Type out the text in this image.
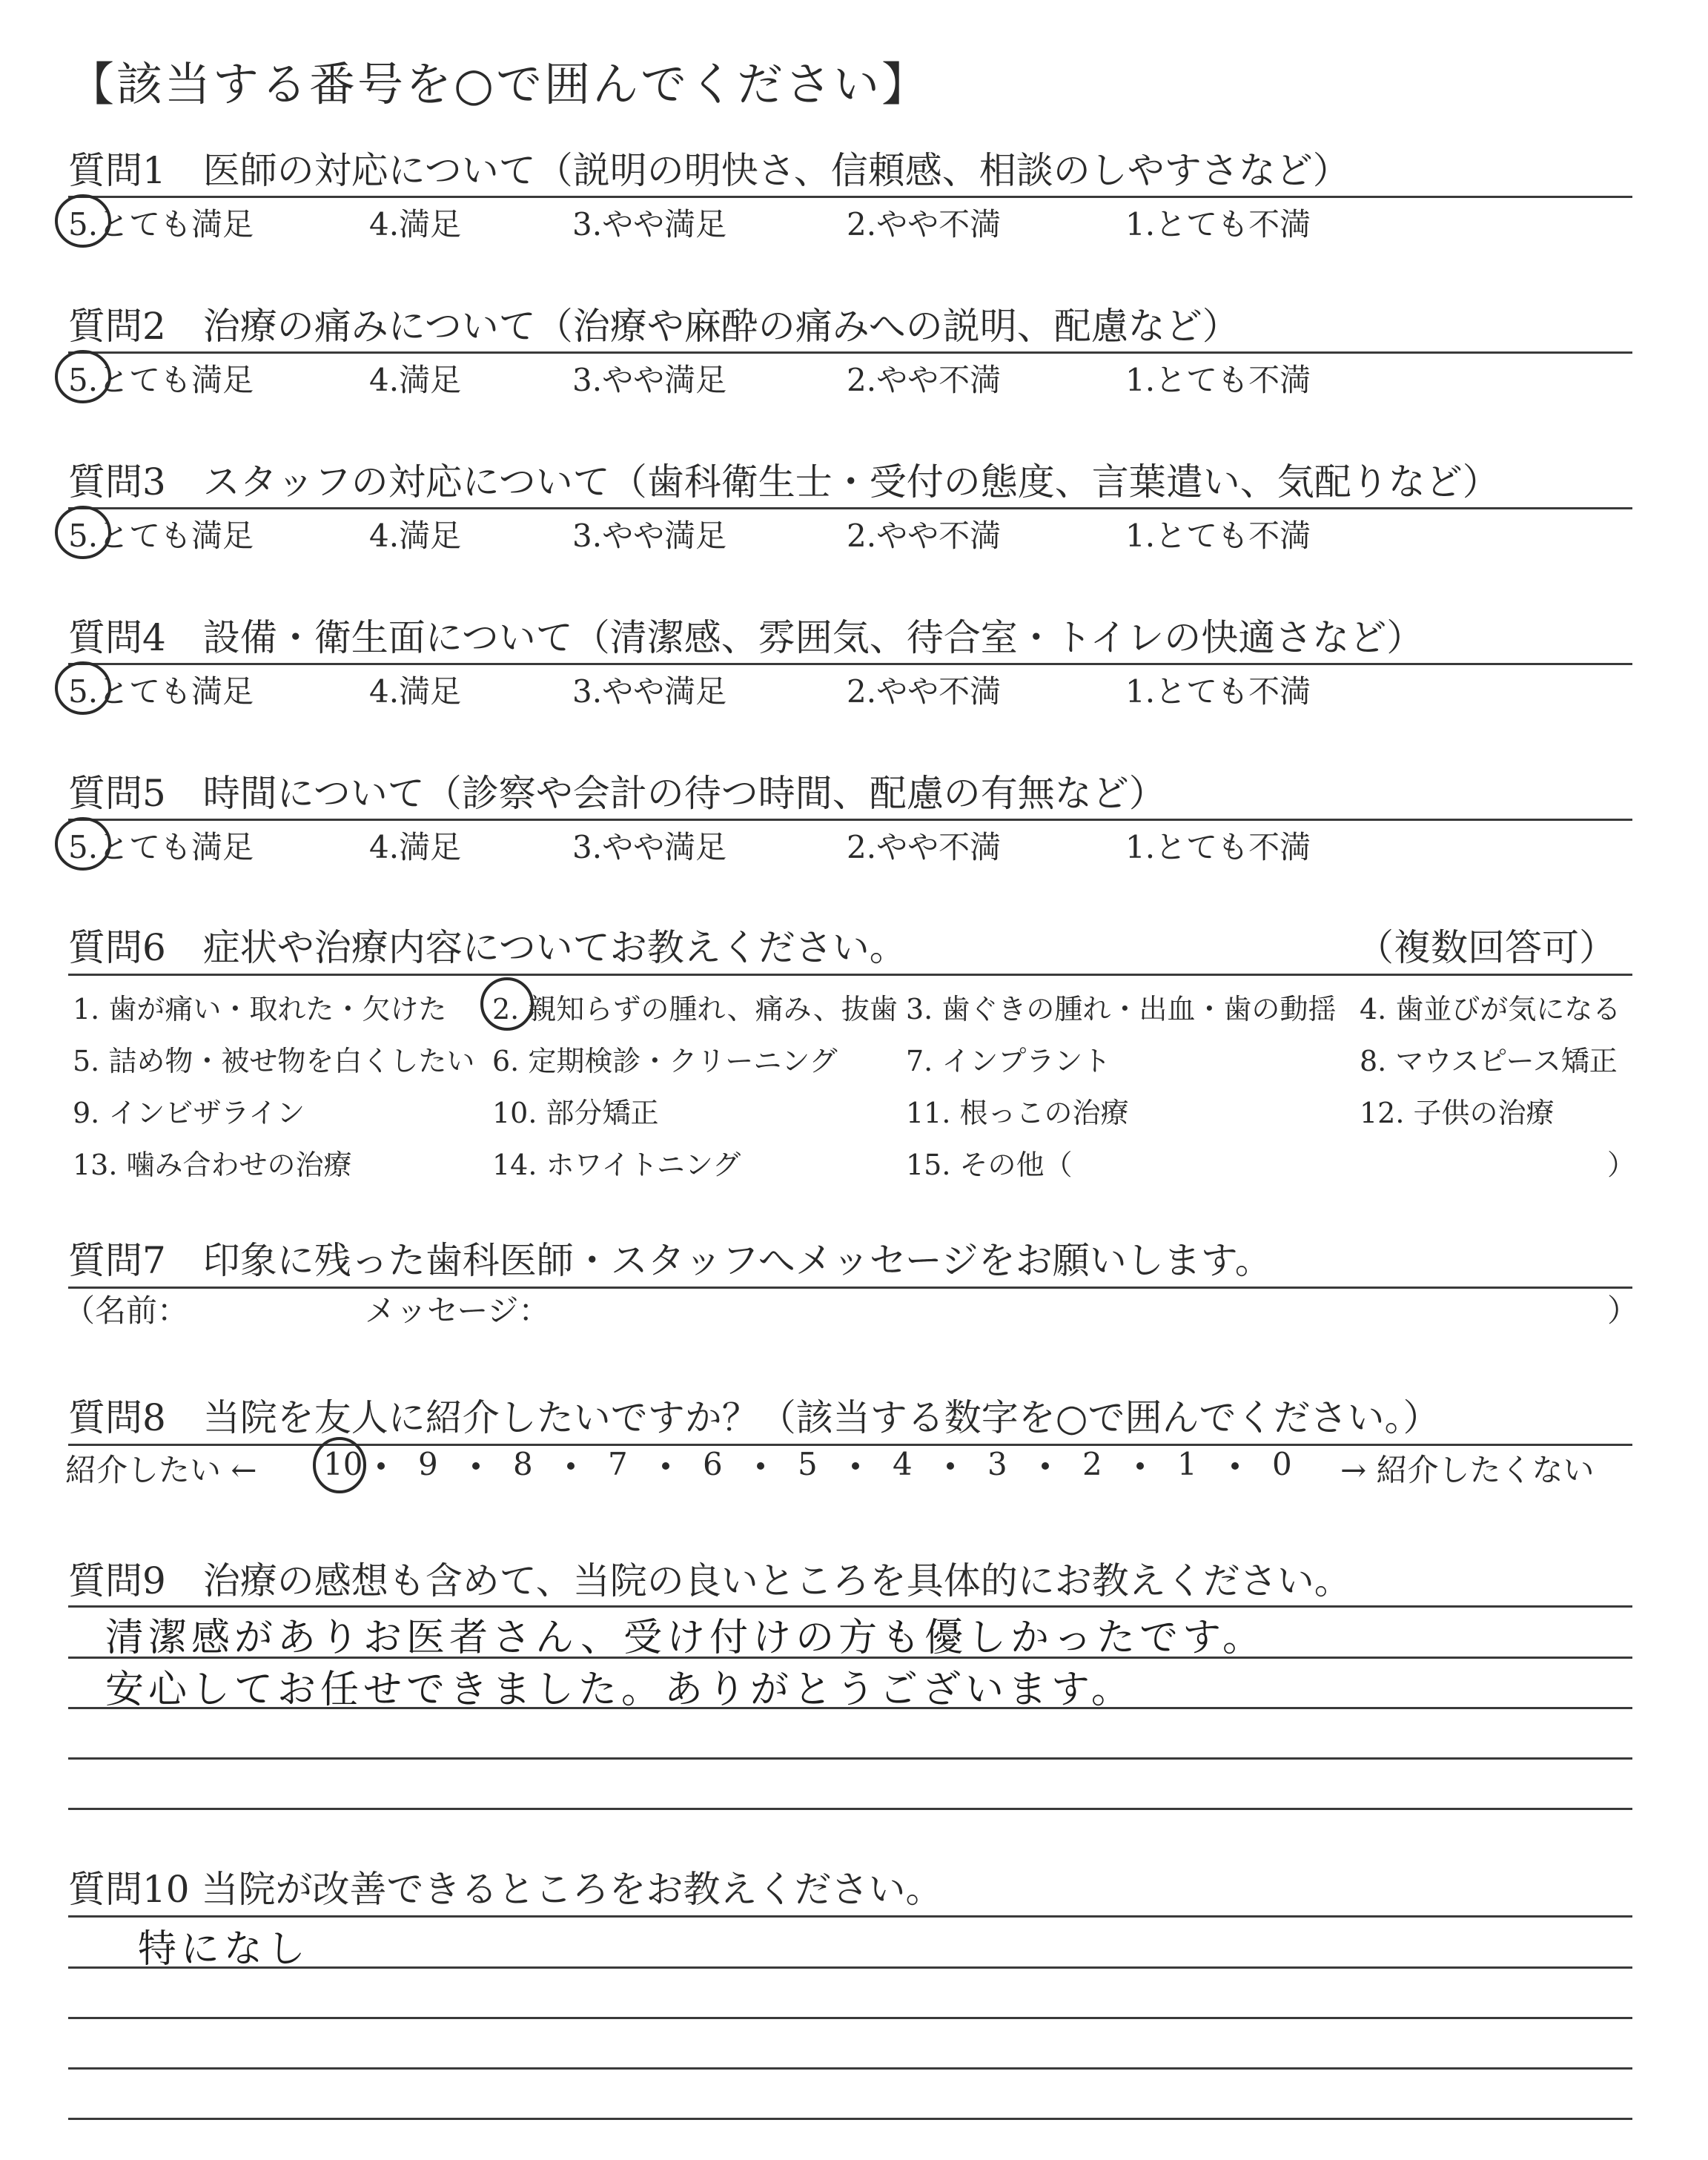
【該当する番号を○で囲んでください】
質問1　医師の対応について（説明の明快さ、信頼感、相談のしやすさなど）
5.とても満足	4.満足	3.やや満足	2.やや不満	1.とても不満
質問2　治療の痛みについて（治療や麻酔の痛みへの説明、配慮など）
5.とても満足	4.満足	3.やや満足	2.やや不満	1.とても不満
質問3　スタッフの対応について（歯科衛生士・受付の態度、言葉遣い、気配りなど）
5.とても満足	4.満足	3.やや満足	2.やや不満	1.とても不満
質問4　設備・衛生面について（清潔感、雰囲気、待合室・トイレの快適さなど）
5.とても満足	4.満足	3.やや満足	2.やや不満	1.とても不満
質問5　時間について（診察や会計の待つ時間、配慮の有無など）
5.とても満足	4.満足	3.やや満足	2.やや不満	1.とても不満
質問6　症状や治療内容についてお教えください。	（複数回答可）
1. 歯が痛い・取れた・欠けた 2. 親知らずの腫れ、痛み、抜歯 3. 歯ぐきの腫れ・出血・歯の動揺 4. 歯並びが気になる
5. 詰め物・被せ物を白くしたい 6. 定期検診・クリーニング 7. インプラント	8. マウスピース矯正
9. インビザライン	10. 部分矯正	11. 根っこの治療	12. 子供の治療
13. 噛み合わせの治療	14. ホワイトニング	15. その他（	）
質問7　印象に残った歯科医師・スタッフへメッセージをお願いします。
（名前：	メッセージ：	）
質問8　当院を友人に紹介したいですか？（該当する数字を○で囲んでください。）
紹介したい ←	→ 紹介したくない
10 9 8 7 6 5 4 3 2 1 0
質問9　治療の感想も含めて、当院の良いところを具体的にお教えください。
清潔感がありお医者さん、受け付けの方も優しかったです。
安心してお任せできました。ありがとうございます。
質問10 当院が改善できるところをお教えください。
特になし
